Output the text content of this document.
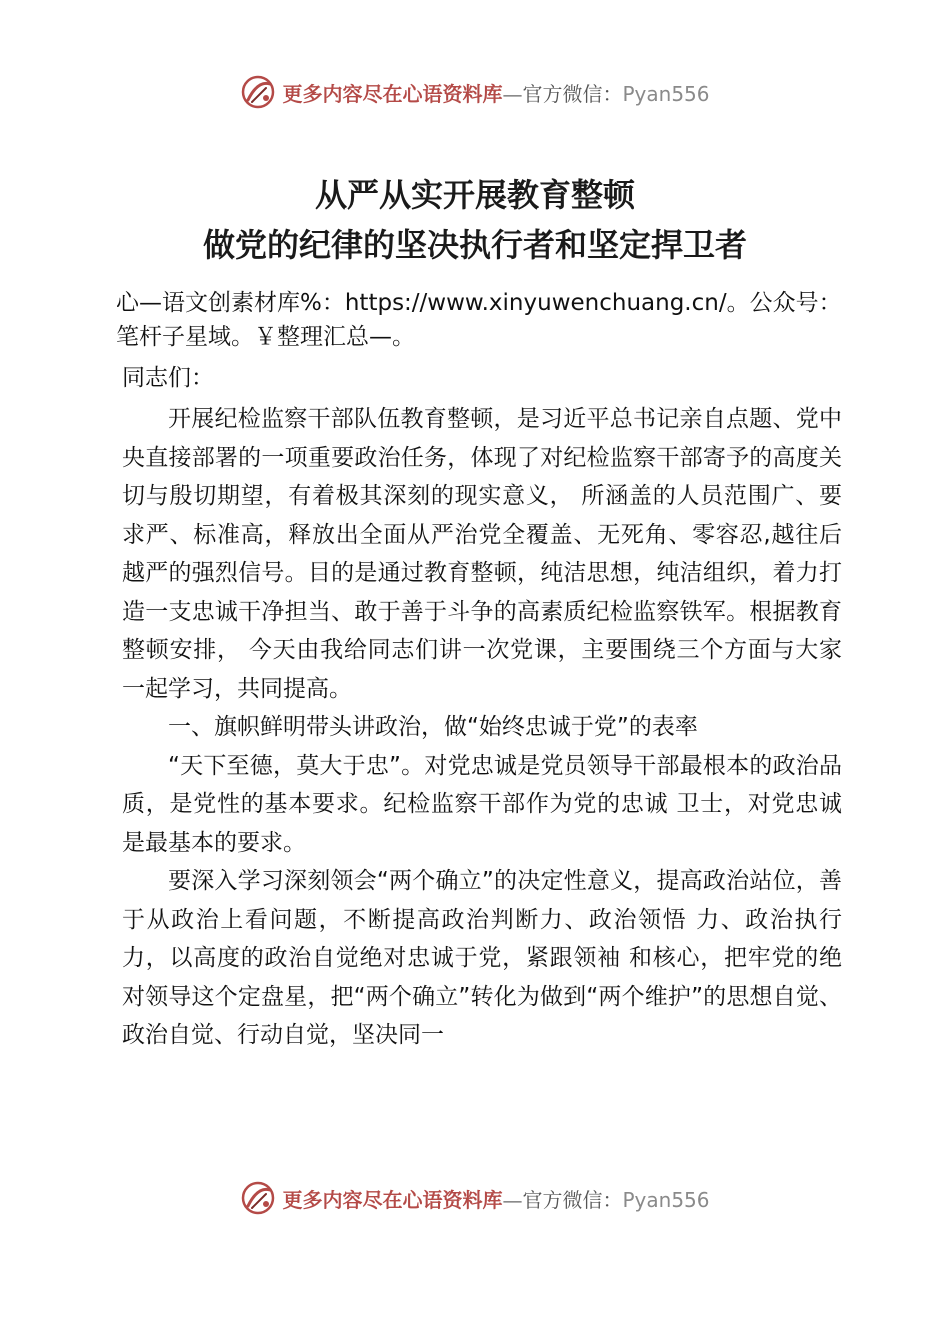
更多内容尽在心语资料库—官方微信：Pyan556
从严从实开展教育整顿
做党的纪律的坚决执行者和坚定捍卫者
心—语文创素材库%：https://www.xinyuwenchuang.cn/。公众号：笔杆子星域。￥整理汇总—。
同志们：

开展纪检监察干部队伍教育整顿，是习近平总书记亲自点题、党中央直接部署的一项重要政治任务，体现了对纪检监察干部寄予的高度关切与殷切期望，有着极其深刻的现实意义， 所涵盖的人员范围广、要求严、标准高，释放出全面从严治党全覆盖、无死角、零容忍,越往后越严的强烈信号。目的是通过教育整顿，纯洁思想，纯洁组织，着力打造一支忠诚干净担当、敢于善于斗争的高素质纪检监察铁军。根据教育整顿安排， 今天由我给同志们讲一次党课，主要围绕三个方面与大家一起学习，共同提高。

一、旗帜鲜明带头讲政治，做“始终忠诚于党”的表率

“天下至德，莫大于忠”。对党忠诚是党员领导干部最根本的政治品质，是党性的基本要求。纪检监察干部作为党的忠诚 卫士，对党忠诚是最基本的要求。

要深入学习深刻领会“两个确立”的决定性意义，提高政治站位，善于从政治上看问题，不断提高政治判断力、政治领悟 力、政治执行力，以高度的政治自觉绝对忠诚于党，紧跟领袖 和核心，把牢党的绝对领导这个定盘星，把“两个确立”转化为做到“两个维护”的思想自觉、政治自觉、行动自觉，坚决同一

更多内容尽在心语资料库—官方微信：Pyan556
